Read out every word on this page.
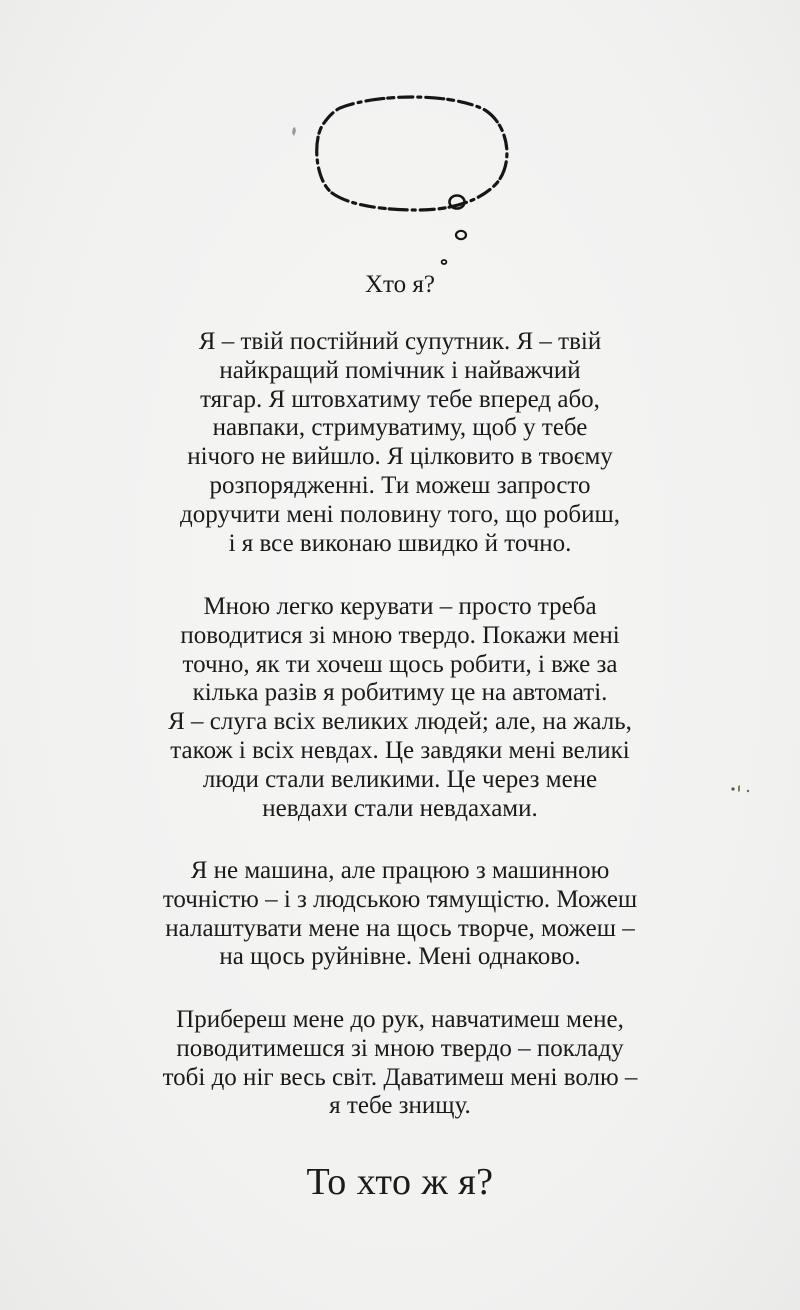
Хто я?
Я – твій постійний супутник. Я – твій
найкращий помічник і найважчий
тягар. Я штовхатиму тебе вперед або,
навпаки, стримуватиму, щоб у тебе
нічого не вийшло. Я цілковито в твоєму
розпорядженні. Ти можеш запросто
доручити мені половину того, що робиш,
і я все виконаю швидко й точно.
Мною легко керувати – просто треба
поводитися зі мною твердо. Покажи мені
точно, як ти хочеш щось робити, і вже за
кілька разів я робитиму це на автоматі.
Я – слуга всіх великих людей; але, на жаль,
також і всіх невдах. Це завдяки мені великі
люди стали великими. Це через мене
невдахи стали невдахами.
Я не машина, але працюю з машинною
точністю – і з людською тямущістю. Можеш
налаштувати мене на щось творче, можеш –
на щось руйнівне. Мені однаково.
Прибереш мене до рук, навчатимеш мене,
поводитимешся зі мною твердо – покладу
тобі до ніг весь світ. Даватимеш мені волю –
я тебе знищу.
То хто ж я?
